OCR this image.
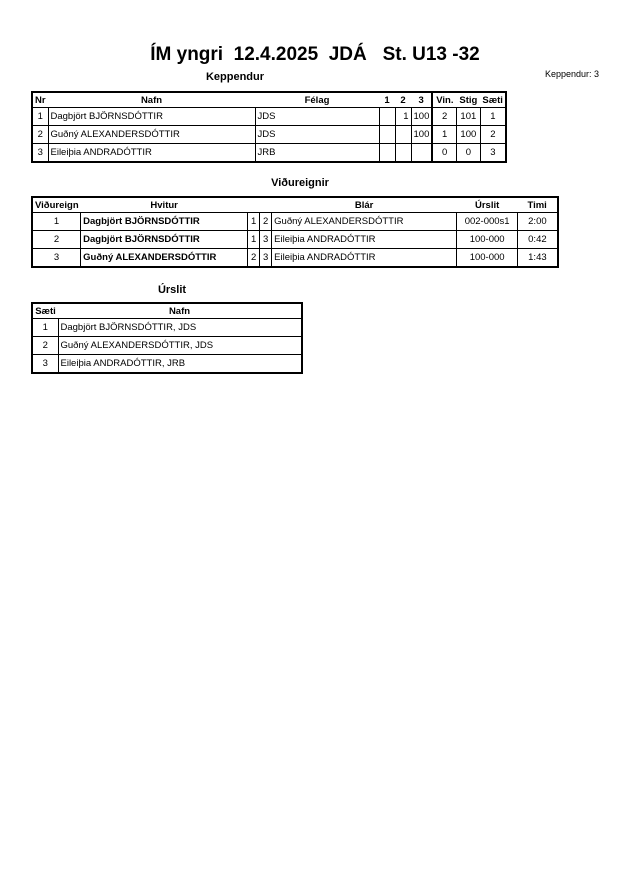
ÍM yngri  12.4.2025  JDÁ   St. U13 -32
Keppendur: 3
Keppendur
Nr	Nafn	Félag	1	2	3	Vin.	Stig	Sæti
1	Dagbjört BJÖRNSDÓTTIR	JDS		1	100	2	101	1
2	Guðný ALEXANDERSDÓTTIR	JDS			100	1	100	2
3	Eileiþia ANDRADÓTTIR	JRB				0	0	3
Viðureignir
Viðureign	Hvitur			Blár	Úrslit	Timi
1	Dagbjört BJÖRNSDÓTTIR	1	2	Guðný ALEXANDERSDÓTTIR	002-000s1	2:00
2	Dagbjört BJÖRNSDÓTTIR	1	3	Eileiþia ANDRADÓTTIR	100-000	0:42
3	Guðný ALEXANDERSDÓTTIR	2	3	Eileiþia ANDRADÓTTIR	100-000	1:43
Úrslit
Sæti	Nafn
1	Dagbjört BJÖRNSDÓTTIR, JDS
2	Guðný ALEXANDERSDÓTTIR, JDS
3	Eileiþia ANDRADÓTTIR, JRB
